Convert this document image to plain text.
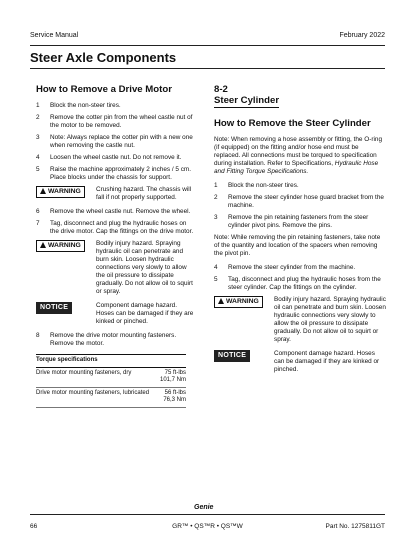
Service Manual	February 2022
Steer Axle Components
How to Remove a Drive Motor
1	Block the non-steer tires.
2	Remove the cotter pin from the wheel castle nut of the motor to be removed.
3	Note: Always replace the cotter pin with a new one when removing the castle nut.
4	Loosen the wheel castle nut. Do not remove it.
5	Raise the machine approximately 2 inches / 5 cm. Place blocks under the chassis for support.
WARNING	Crushing hazard. The chassis will fall if not properly supported.
6	Remove the wheel castle nut. Remove the wheel.
7	Tag, disconnect and plug the hydraulic hoses on the drive motor. Cap the fittings on the drive motor.
WARNING	Bodily injury hazard. Spraying hydraulic oil can penetrate and burn skin. Loosen hydraulic connections very slowly to allow the oil pressure to dissipate gradually. Do not allow oil to squirt or spray.
NOTICE	Component damage hazard. Hoses can be damaged if they are kinked or pinched.
8	Remove the drive motor mounting fasteners. Remove the motor.
Torque specifications	
Drive motor mounting fasteners, dry	75 ft-lbs
101,7 Nm
Drive motor mounting fasteners, lubricated	56 ft-lbs
76,3 Nm
8-2
Steer Cylinder
How to Remove the Steer Cylinder
Note: When removing a hose assembly or fitting, the O-ring (if equipped) on the fitting and/or hose end must be replaced. All connections must be torqued to specification during installation. Refer to Specifications, Hydraulic Hose and Fitting Torque Specifications.
1	Block the non-steer tires.
2	Remove the steer cylinder hose guard bracket from the machine.
3	Remove the pin retaining fasteners from the steer cylinder pivot pins. Remove the pins.
Note: While removing the pin retaining fasteners, take note of the quantity and location of the spacers when removing the pivot pin.
4	Remove the steer cylinder from the machine.
5	Tag, disconnect and plug the hydraulic hoses from the steer cylinder. Cap the fittings on the cylinder.
WARNING	Bodily injury hazard. Spraying hydraulic oil can penetrate and burn skin. Loosen hydraulic connections very slowly to allow the oil pressure to dissipate gradually. Do not allow oil to squirt or spray.
NOTICE	Component damage hazard. Hoses can be damaged if they are kinked or pinched.
Genie
66	GR™ • QS™R • QS™W	Part No. 1275811GT
